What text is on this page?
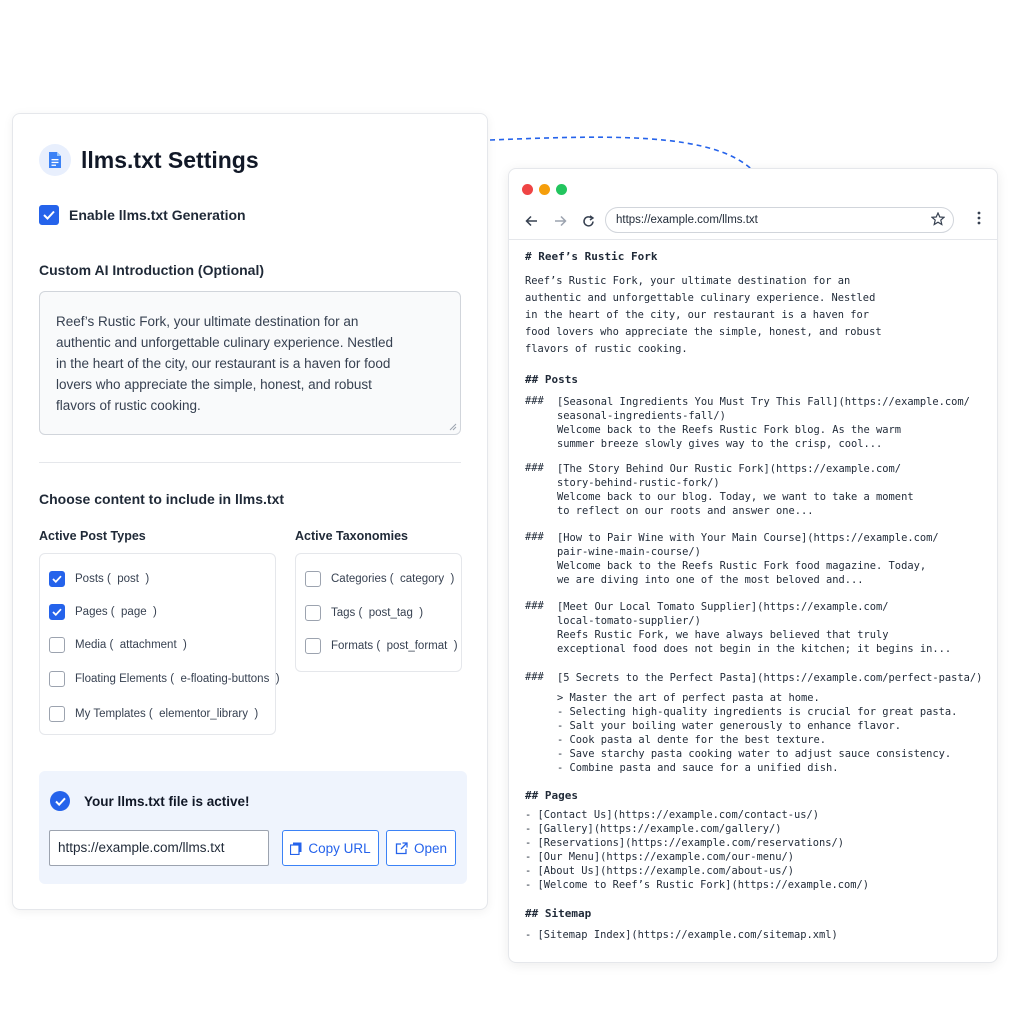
llms.txt Settings
Enable llms.txt Generation
Custom AI Introduction (Optional)
Reef’s Rustic Fork, your ultimate destination for an
authentic and unforgettable culinary experience. Nestled
in the heart of the city, our restaurant is a haven for food
lovers who appreciate the simple, honest, and robust
flavors of rustic cooking.
Choose content to include in llms.txt
Active Post Types
Posts ( post )
Pages ( page )
Media ( attachment )
Floating Elements ( e-floating-buttons )
My Templates ( elementor_library )
Active Taxonomies
Categories ( category )
Tags ( post_tag )
Formats ( post_format )
Your llms.txt file is active!
https://example.com/llms.txt	Copy URL	Open
https://example.com/llms.txt
# Reef’s Rustic Fork
Reef’s Rustic Fork, your ultimate destination for an
authentic and unforgettable culinary experience. Nestled
in the heart of the city, our restaurant is a haven for
food lovers who appreciate the simple, honest, and robust
flavors of rustic cooking.
## Posts
### [Seasonal Ingredients You Must Try This Fall](https://example.com/
seasonal-ingredients-fall/)
Welcome back to the Reefs Rustic Fork blog. As the warm
summer breeze slowly gives way to the crisp, cool...
### [The Story Behind Our Rustic Fork](https://example.com/
story-behind-rustic-fork/)
Welcome back to our blog. Today, we want to take a moment
to reflect on our roots and answer one...
### [How to Pair Wine with Your Main Course](https://example.com/
pair-wine-main-course/)
Welcome back to the Reefs Rustic Fork food magazine. Today,
we are diving into one of the most beloved and...
### [Meet Our Local Tomato Supplier](https://example.com/
local-tomato-supplier/)
Reefs Rustic Fork, we have always believed that truly
exceptional food does not begin in the kitchen; it begins in...
### [5 Secrets to the Perfect Pasta](https://example.com/perfect-pasta/)
> Master the art of perfect pasta at home.
- Selecting high-quality ingredients is crucial for great pasta.
- Salt your boiling water generously to enhance flavor.
- Cook pasta al dente for the best texture.
- Save starchy pasta cooking water to adjust sauce consistency.
- Combine pasta and sauce for a unified dish.
## Pages
- [Contact Us](https://example.com/contact-us/)
- [Gallery](https://example.com/gallery/)
- [Reservations](https://example.com/reservations/)
- [Our Menu](https://example.com/our-menu/)
- [About Us](https://example.com/about-us/)
- [Welcome to Reef’s Rustic Fork](https://example.com/)
## Sitemap
- [Sitemap Index](https://example.com/sitemap.xml)
